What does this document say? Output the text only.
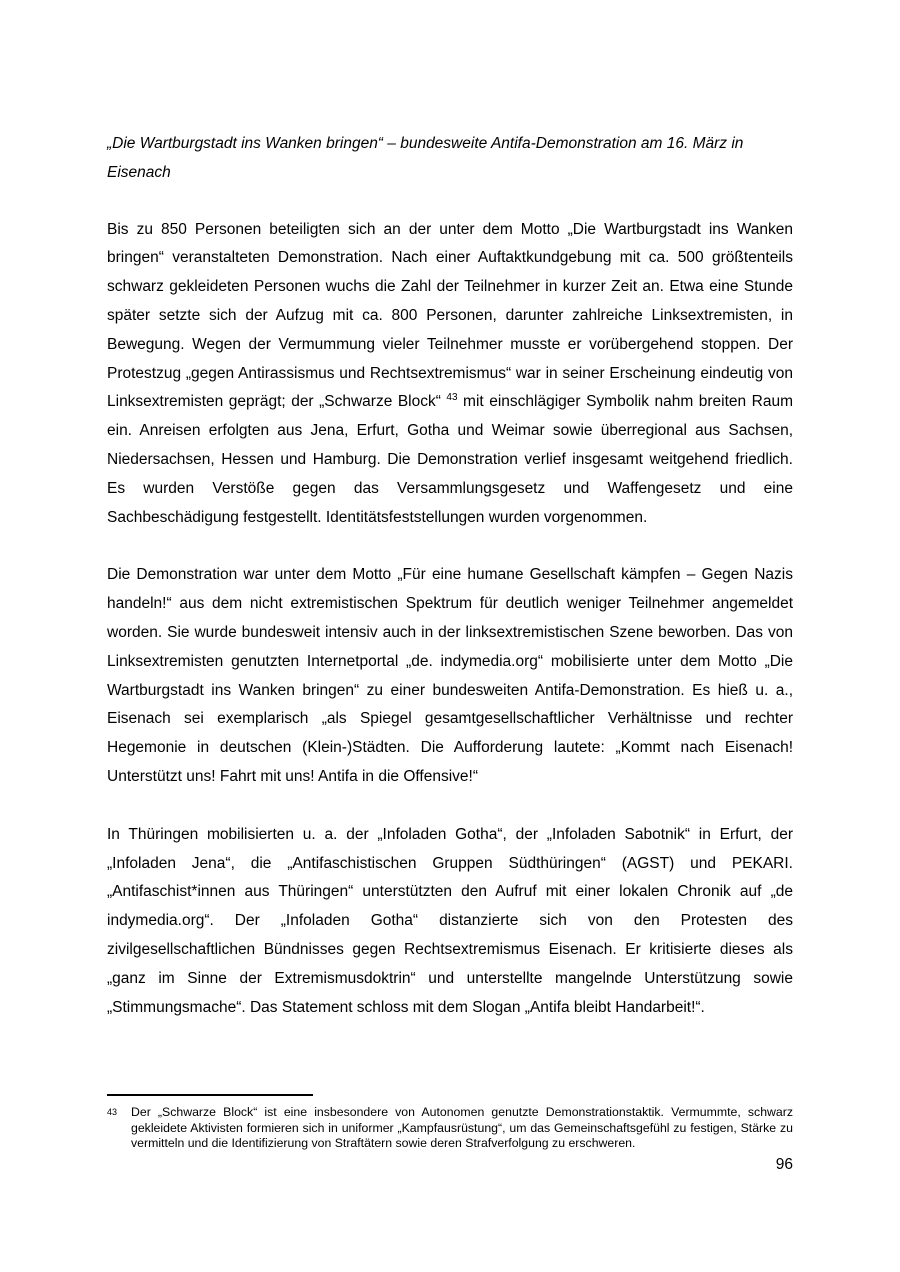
„Die Wartburgstadt ins Wanken bringen“ – bundesweite Antifa-Demonstration am 16. März in Eisenach

Bis zu 850 Personen beteiligten sich an der unter dem Motto „Die Wartburgstadt ins Wanken bringen“ veranstalteten Demonstration. Nach einer Auftaktkundgebung mit ca. 500 größtenteils schwarz gekleideten Personen wuchs die Zahl der Teilnehmer in kurzer Zeit an. Etwa eine Stunde später setzte sich der Aufzug mit ca. 800 Personen, darunter zahlreiche Linksextremisten, in Bewegung. Wegen der Vermummung vieler Teilnehmer musste er vorübergehend stoppen. Der Protestzug „gegen Antirassismus und Rechtsextremismus“ war in seiner Erscheinung eindeutig von Linksextremisten geprägt; der „Schwarze Block“ $^{43}$ mit einschlägiger Symbolik nahm breiten Raum ein. Anreisen erfolgten aus Jena, Erfurt, Gotha und Weimar sowie überregional aus Sachsen, Niedersachsen, Hessen und Hamburg. Die Demonstration verlief insgesamt weitgehend friedlich. Es wurden Verstöße gegen das Versammlungsgesetz und Waffengesetz und eine Sachbeschädigung festgestellt. Identitätsfeststellungen wurden vorgenommen.

Die Demonstration war unter dem Motto „Für eine humane Gesellschaft kämpfen – Gegen Nazis handeln!“ aus dem nicht extremistischen Spektrum für deutlich weniger Teilnehmer angemeldet worden. Sie wurde bundesweit intensiv auch in der linksextremistischen Szene beworben. Das von Linksextremisten genutzten Internetportal „de. indymedia.org“ mobilisierte unter dem Motto „Die Wartburgstadt ins Wanken bringen“ zu einer bundesweiten Antifa-Demonstration. Es hieß u. a., Eisenach sei exemplarisch „als Spiegel gesamtgesellschaftlicher Verhältnisse und rechter Hegemonie in deutschen (Klein-)Städten. Die Aufforderung lautete: „Kommt nach Eisenach! Unterstützt uns! Fahrt mit uns! Antifa in die Offensive!“

In Thüringen mobilisierten u. a. der „Infoladen Gotha“, der „Infoladen Sabotnik“ in Erfurt, der „Infoladen Jena“, die „Antifaschistischen Gruppen Südthüringen“ (AGST) und PEKARI. „Antifaschist*innen aus Thüringen“ unterstützten den Aufruf mit einer lokalen Chronik auf „de indymedia.org“. Der „Infoladen Gotha“ distanzierte sich von den Protesten des zivilgesellschaftlichen Bündnisses gegen Rechtsextremismus Eisenach. Er kritisierte dieses als „ganz im Sinne der Extremismusdoktrin“ und unterstellte mangelnde Unterstützung sowie „Stimmungsmache“. Das Statement schloss mit dem Slogan „Antifa bleibt Handarbeit!“.

43	Der „Schwarze Block“ ist eine insbesondere von Autonomen genutzte Demonstrationstaktik. Vermummte, schwarz gekleidete Aktivisten formieren sich in uniformer „Kampfausrüstung“, um das Gemeinschaftsgefühl zu festigen, Stärke zu vermitteln und die Identifizierung von Straftätern sowie deren Strafverfolgung zu erschweren.
96
